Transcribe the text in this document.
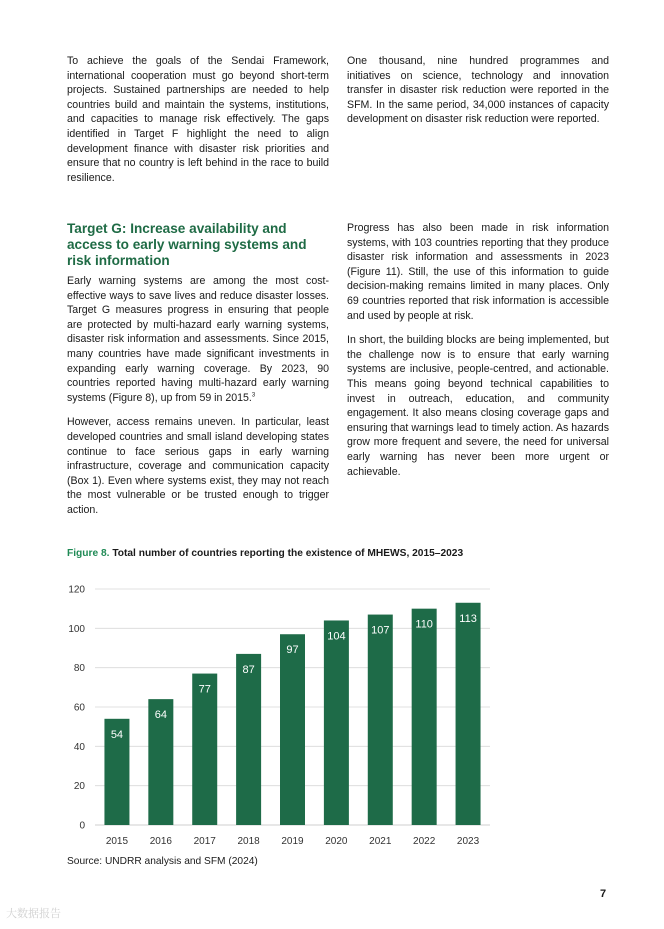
To achieve the goals of the Sendai Framework, international cooperation must go beyond short-term projects. Sustained partnerships are needed to help countries build and maintain the systems, institutions, and capacities to manage risk effectively. The gaps identified in Target F highlight the need to align development finance with disaster risk priorities and ensure that no country is left behind in the race to build resilience.

One thousand, nine hundred programmes and initiatives on science, technology and innovation transfer in disaster risk reduction were reported in the SFM. In the same period, 34,000 instances of capacity development on disaster risk reduction were reported.

Target G: Increase availability and access to early warning systems and risk information

Early warning systems are among the most cost-effective ways to save lives and reduce disaster losses. Target G measures progress in ensuring that people are protected by multi-hazard early warning systems, disaster risk information and assessments. Since 2015, many countries have made significant investments in expanding early warning coverage. By 2023, 90 countries reported having multi-hazard early warning systems (Figure 8), up from 59 in 2015.$^3$

However, access remains uneven. In particular, least developed countries and small island developing states continue to face serious gaps in early warning infrastructure, coverage and communication capacity (Box 1). Even where systems exist, they may not reach the most vulnerable or be trusted enough to trigger action.

Progress has also been made in risk information systems, with 103 countries reporting that they produce disaster risk information and assessments in 2023 (Figure 11). Still, the use of this information to guide decision-making remains limited in many places. Only 69 countries reported that risk information is accessible and used by people at risk.

In short, the building blocks are being implemented, but the challenge now is to ensure that early warning systems are inclusive, people-centred, and actionable. This means going beyond technical capabilities to invest in outreach, education, and community engagement. It also means closing coverage gaps and ensuring that warnings lead to timely action. As hazards grow more frequent and severe, the need for universal early warning has never been more urgent or achievable.

Figure 8. Total number of countries reporting the existence of MHEWS, 2015–2023
0
20
40
60
80
100
120
54
2015
64
2016
77
2017
87
2018
97
2019
104
2020
107
2021
110
2022
113
2023
Source: UNDRR analysis and SFM (2024)
7
大数据报告
